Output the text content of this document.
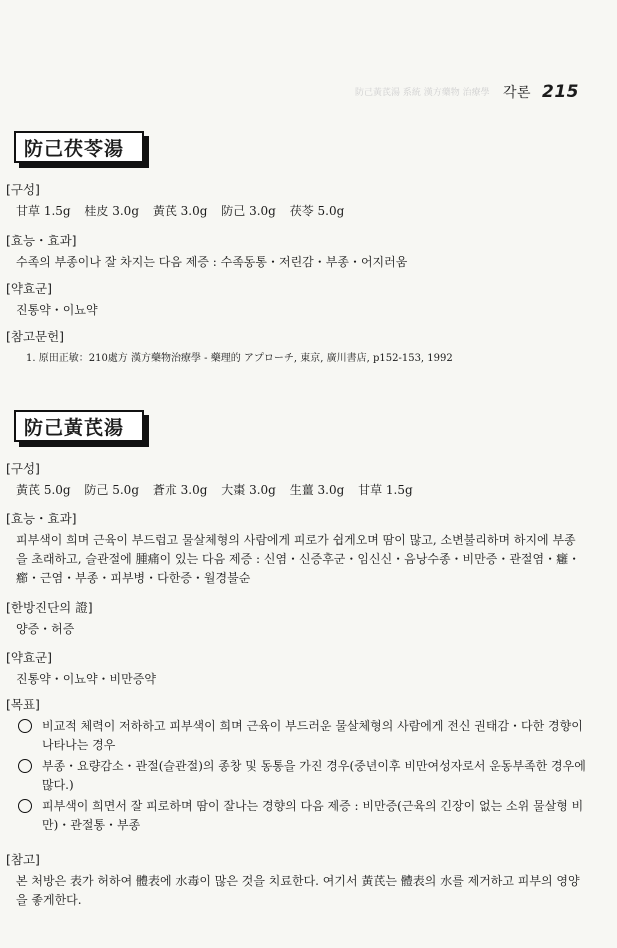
각론 215
防己黃芪湯 系統 漢方藥物 治療學
防己茯苓湯
[구성]
甘草 1.5g 桂皮 3.0g 黃芪 3.0g 防己 3.0g 茯苓 5.0g
[효능・효과]
수족의 부종이나 잘 차지는 다음 제증 : 수족동통・저린감・부종・어지러움
[약효군]
진통약・이뇨약
[참고문헌]
1. 原田正敏：210處方 漢方藥物治療學 - 藥理的 アプローチ, 東京, 廣川書店, p152-153, 1992
防己黃芪湯
[구성]
黃芪 5.0g 防己 5.0g 蒼朮 3.0g 大棗 3.0g 生薑 3.0g 甘草 1.5g
[효능・효과]
피부색이 희며 근육이 부드럽고 물살체형의 사람에게 피로가 쉽게오며 땀이 많고, 소변불리하며 하지에 부종을 초래하고, 슬관절에 腫痛이 있는 다음 제증 : 신염・신증후군・임신신・음낭수종・비만증・관절염・癰・癤・근염・부종・피부병・다한증・월경불순
[한방진단의 證]
양증・허증
[약효군]
진통약・이뇨약・비만증약
[목표]
비교적 체력이 저하하고 피부색이 희며 근육이 부드러운 물살체형의 사람에게 전신 권태감・다한 경향이 나타나는 경우
부종・요량감소・관절(슬관절)의 종창 및 동통을 가진 경우(중년이후 비만여성자로서 운동부족한 경우에 많다.)
피부색이 희면서 잘 피로하며 땀이 잘나는 경향의 다음 제증 : 비만증(근육의 긴장이 없는 소위 물살형 비만)・관절통・부종
[참고]
본 처방은 表가 허하여 體表에 水毒이 많은 것을 치료한다. 여기서 黃芪는 體表의 水를 제거하고 피부의 영양을 좋게한다.
